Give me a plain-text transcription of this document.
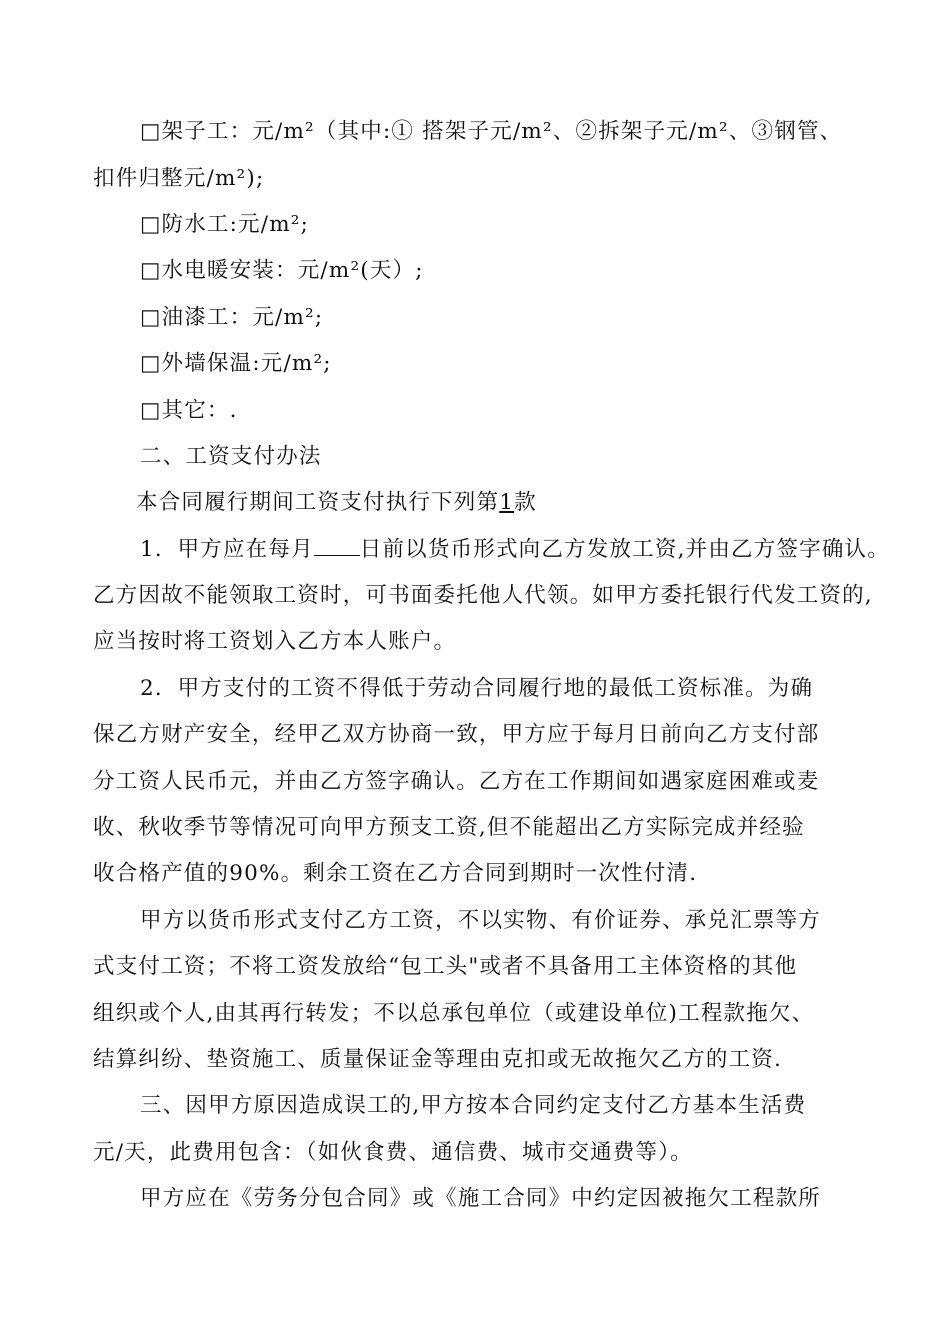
□架子工：元/m²（其中:① 搭架子元/m²、②拆架子元/m²、③钢管、
扣件归整元/m²);
□防水工:元/m²;
□水电暖安装：元/m²(天）;
□油漆工：元/m²;
□外墙保温:元/m²;
□其它：.
二、工资支付办法
本合同履行期间工资支付执行下列第1款
1．甲方应在每月 日前以货币形式向乙方发放工资,并由乙方签字确认。
乙方因故不能领取工资时，可书面委托他人代领。如甲方委托银行代发工资的,
应当按时将工资划入乙方本人账户。
2．甲方支付的工资不得低于劳动合同履行地的最低工资标准。为确
保乙方财产安全，经甲乙双方协商一致，甲方应于每月日前向乙方支付部
分工资人民币元，并由乙方签字确认。乙方在工作期间如遇家庭困难或麦
收、秋收季节等情况可向甲方预支工资,但不能超出乙方实际完成并经验
收合格产值的90%。剩余工资在乙方合同到期时一次性付清.
甲方以货币形式支付乙方工资，不以实物、有价证券、承兑汇票等方
式支付工资；不将工资发放给“包工头"或者不具备用工主体资格的其他
组织或个人,由其再行转发；不以总承包单位（或建设单位)工程款拖欠、
结算纠纷、垫资施工、质量保证金等理由克扣或无故拖欠乙方的工资.
三、因甲方原因造成误工的,甲方按本合同约定支付乙方基本生活费
元/天，此费用包含：（如伙食费、通信费、城市交通费等）。
甲方应在《劳务分包合同》或《施工合同》中约定因被拖欠工程款所
